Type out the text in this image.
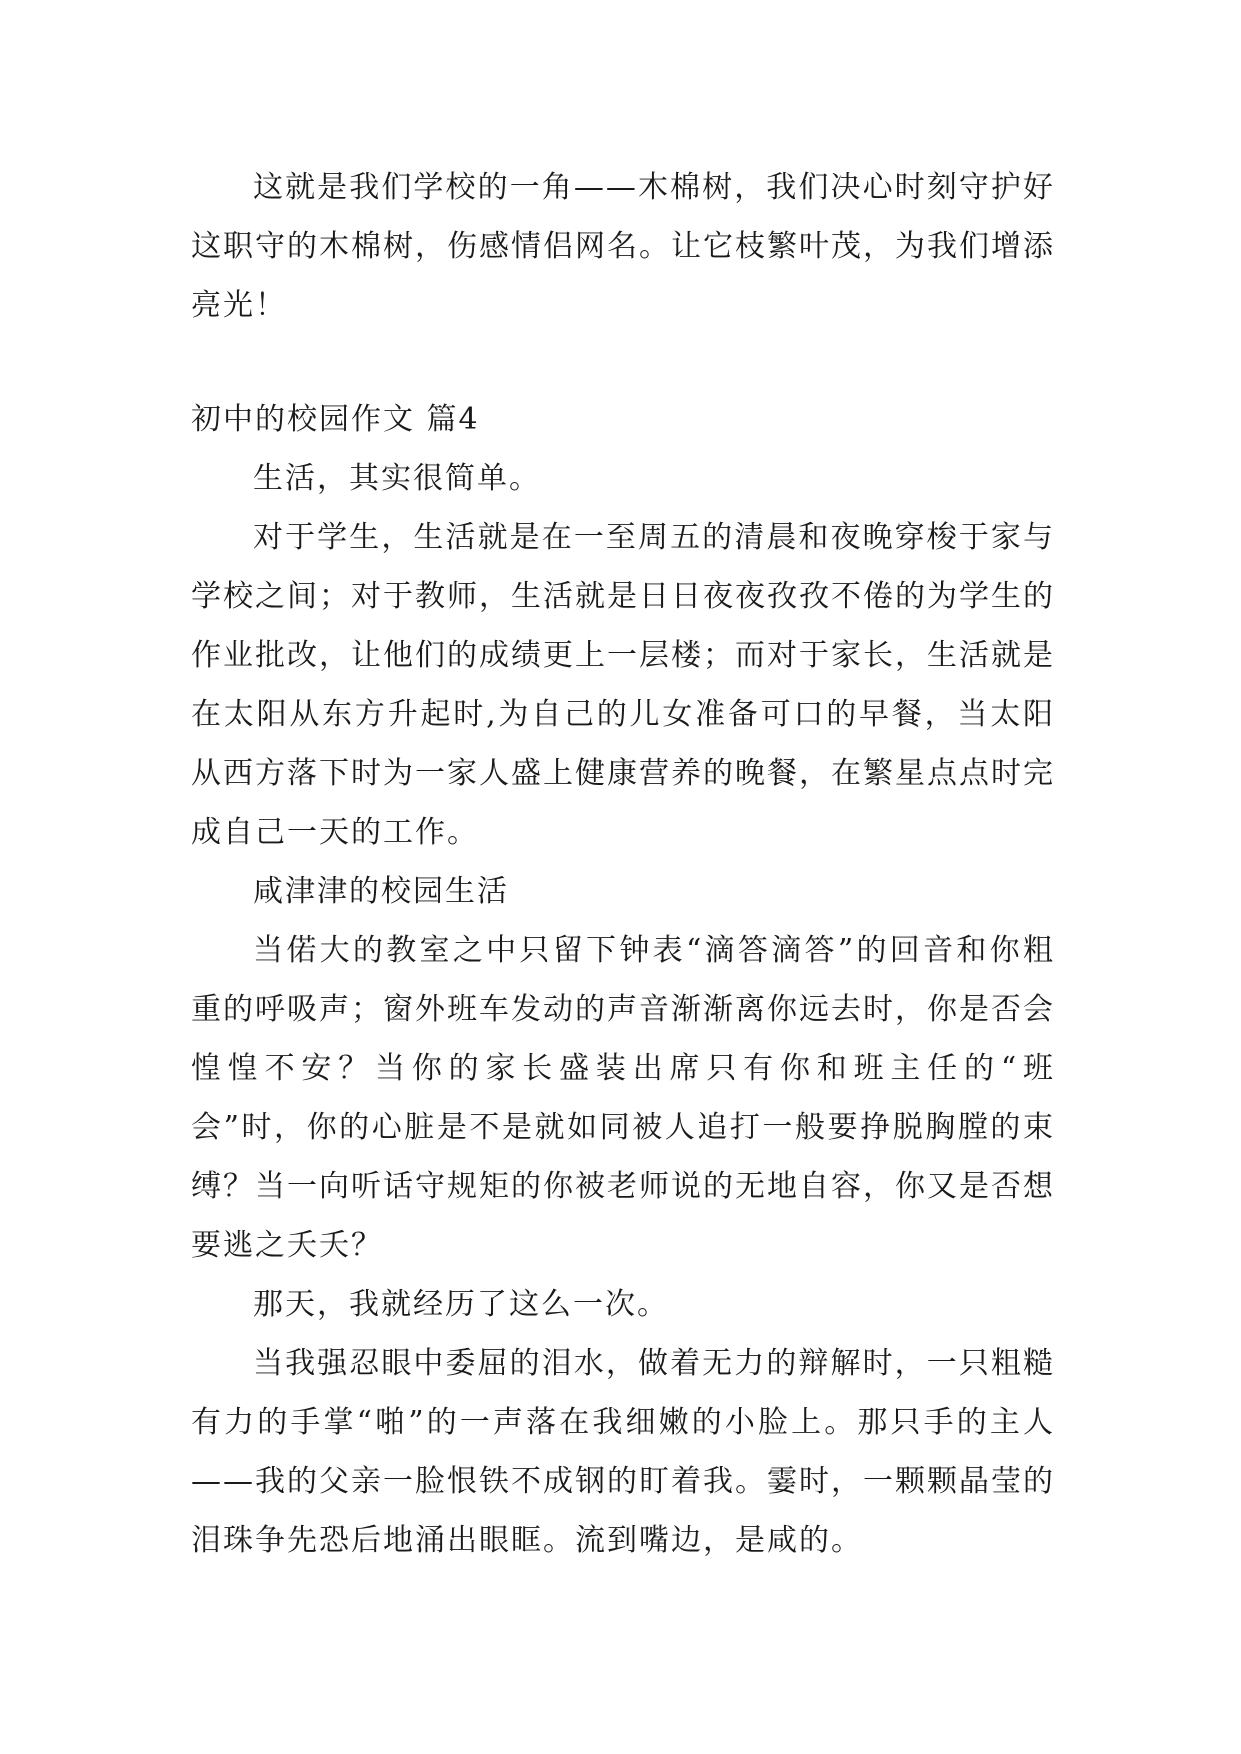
这就是我们学校的一角——木棉树，我们决心时刻守护好这职守的木棉树，伤感情侣网名。让它枝繁叶茂，为我们增添亮光！

初中的校园作文 篇4

生活，其实很简单。

对于学生，生活就是在一至周五的清晨和夜晚穿梭于家与学校之间；对于教师，生活就是日日夜夜孜孜不倦的为学生的作业批改，让他们的成绩更上一层楼；而对于家长，生活就是在太阳从东方升起时,为自己的儿女准备可口的早餐，当太阳从西方落下时为一家人盛上健康营养的晚餐，在繁星点点时完成自己一天的工作。

咸津津的校园生活

当偌大的教室之中只留下钟表“滴答滴答”的回音和你粗重的呼吸声；窗外班车发动的声音渐渐离你远去时，你是否会惶惶不安？当你的家长盛装出席只有你和班主任的“班会”时，你的心脏是不是就如同被人追打一般要挣脱胸膛的束缚？当一向听话守规矩的你被老师说的无地自容，你又是否想要逃之夭夭？

那天，我就经历了这么一次。

当我强忍眼中委屈的泪水，做着无力的辩解时，一只粗糙有力的手掌“啪”的一声落在我细嫩的小脸上。那只手的主人——我的父亲一脸恨铁不成钢的盯着我。霎时，一颗颗晶莹的泪珠争先恐后地涌出眼眶。流到嘴边，是咸的。
